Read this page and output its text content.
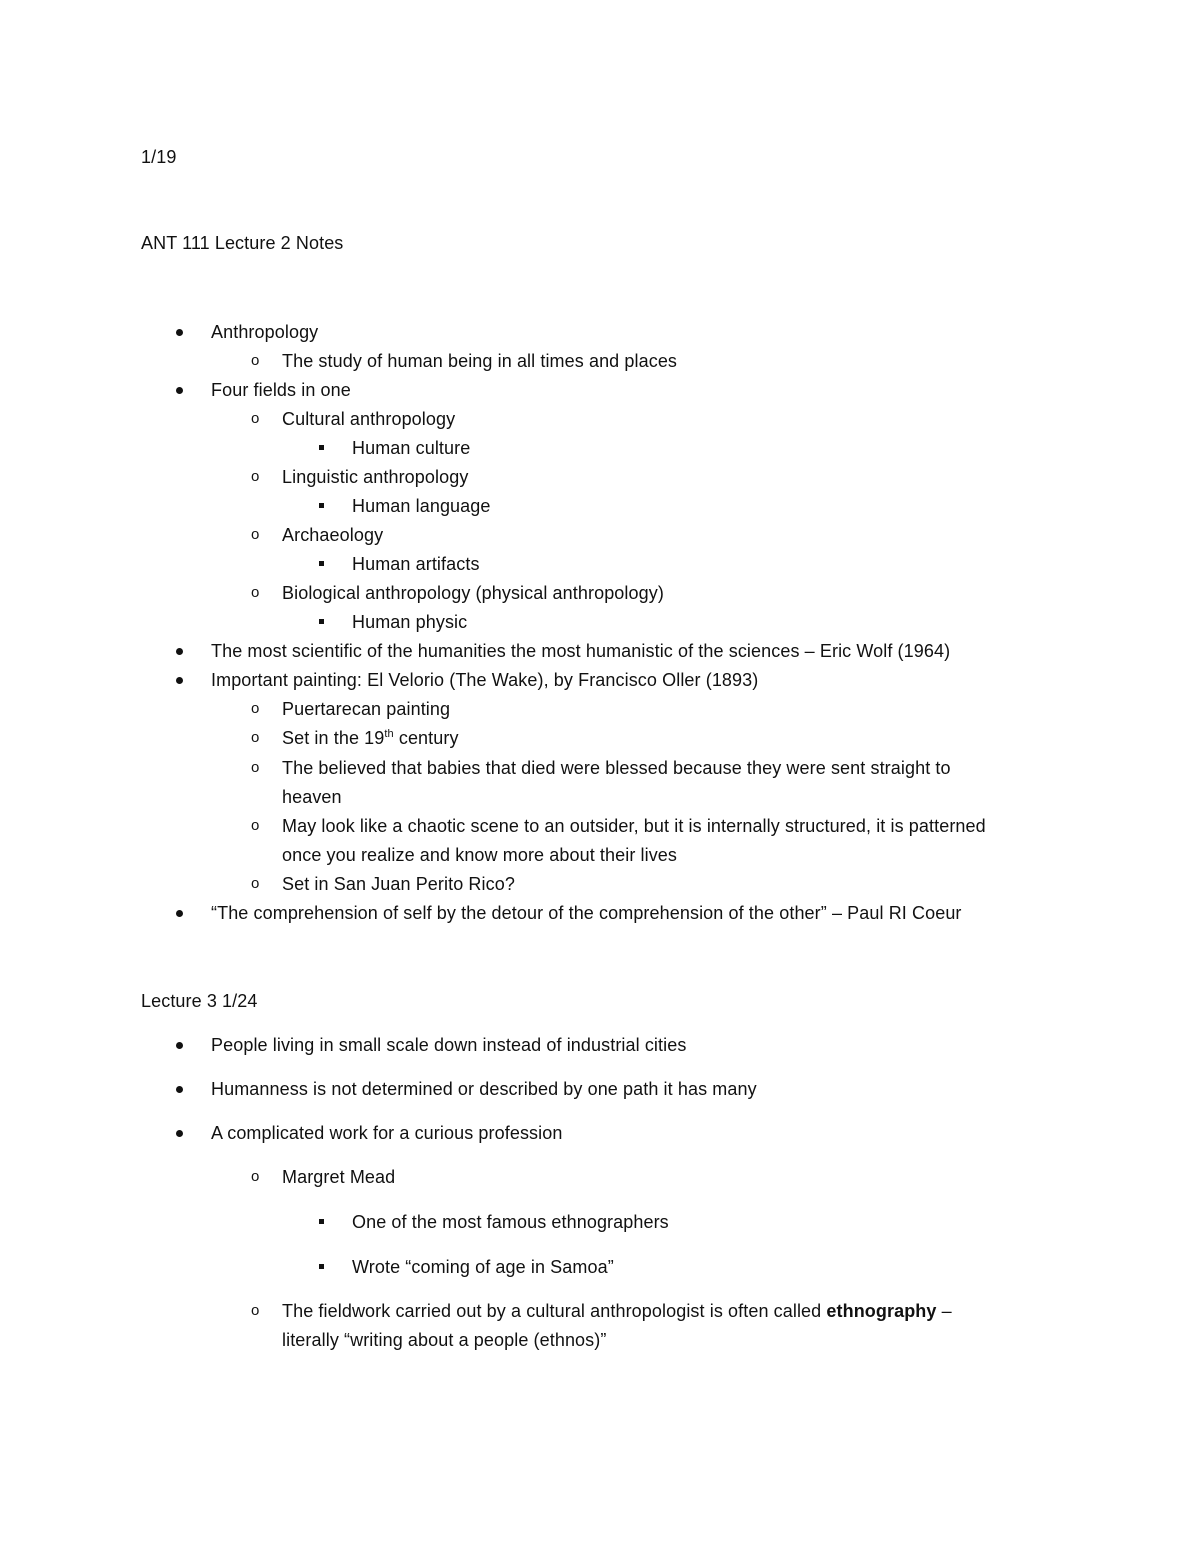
1/19
ANT 111 Lecture 2 Notes
Anthropology
o The study of human being in all times and places
Four fields in one
o Cultural anthropology
Human culture
o Linguistic anthropology
Human language
o Archaeology
Human artifacts
o Biological anthropology (physical anthropology)
Human physic
The most scientific of the humanities the most humanistic of the sciences – Eric Wolf (1964)
Important painting: El Velorio (The Wake), by Francisco Oller (1893)
o Puertarecan painting
o Set in the 19th century
o The believed that babies that died were blessed because they were sent straight to
heaven
o May look like a chaotic scene to an outsider, but it is internally structured, it is patterned
once you realize and know more about their lives
o Set in San Juan Perito Rico?
“The comprehension of self by the detour of the comprehension of the other” – Paul RI Coeur
Lecture 3 1/24
People living in small scale down instead of industrial cities
Humanness is not determined or described by one path it has many
A complicated work for a curious profession
o Margret Mead
One of the most famous ethnographers
Wrote “coming of age in Samoa”
o The fieldwork carried out by a cultural anthropologist is often called ethnography –
literally “writing about a people (ethnos)”
